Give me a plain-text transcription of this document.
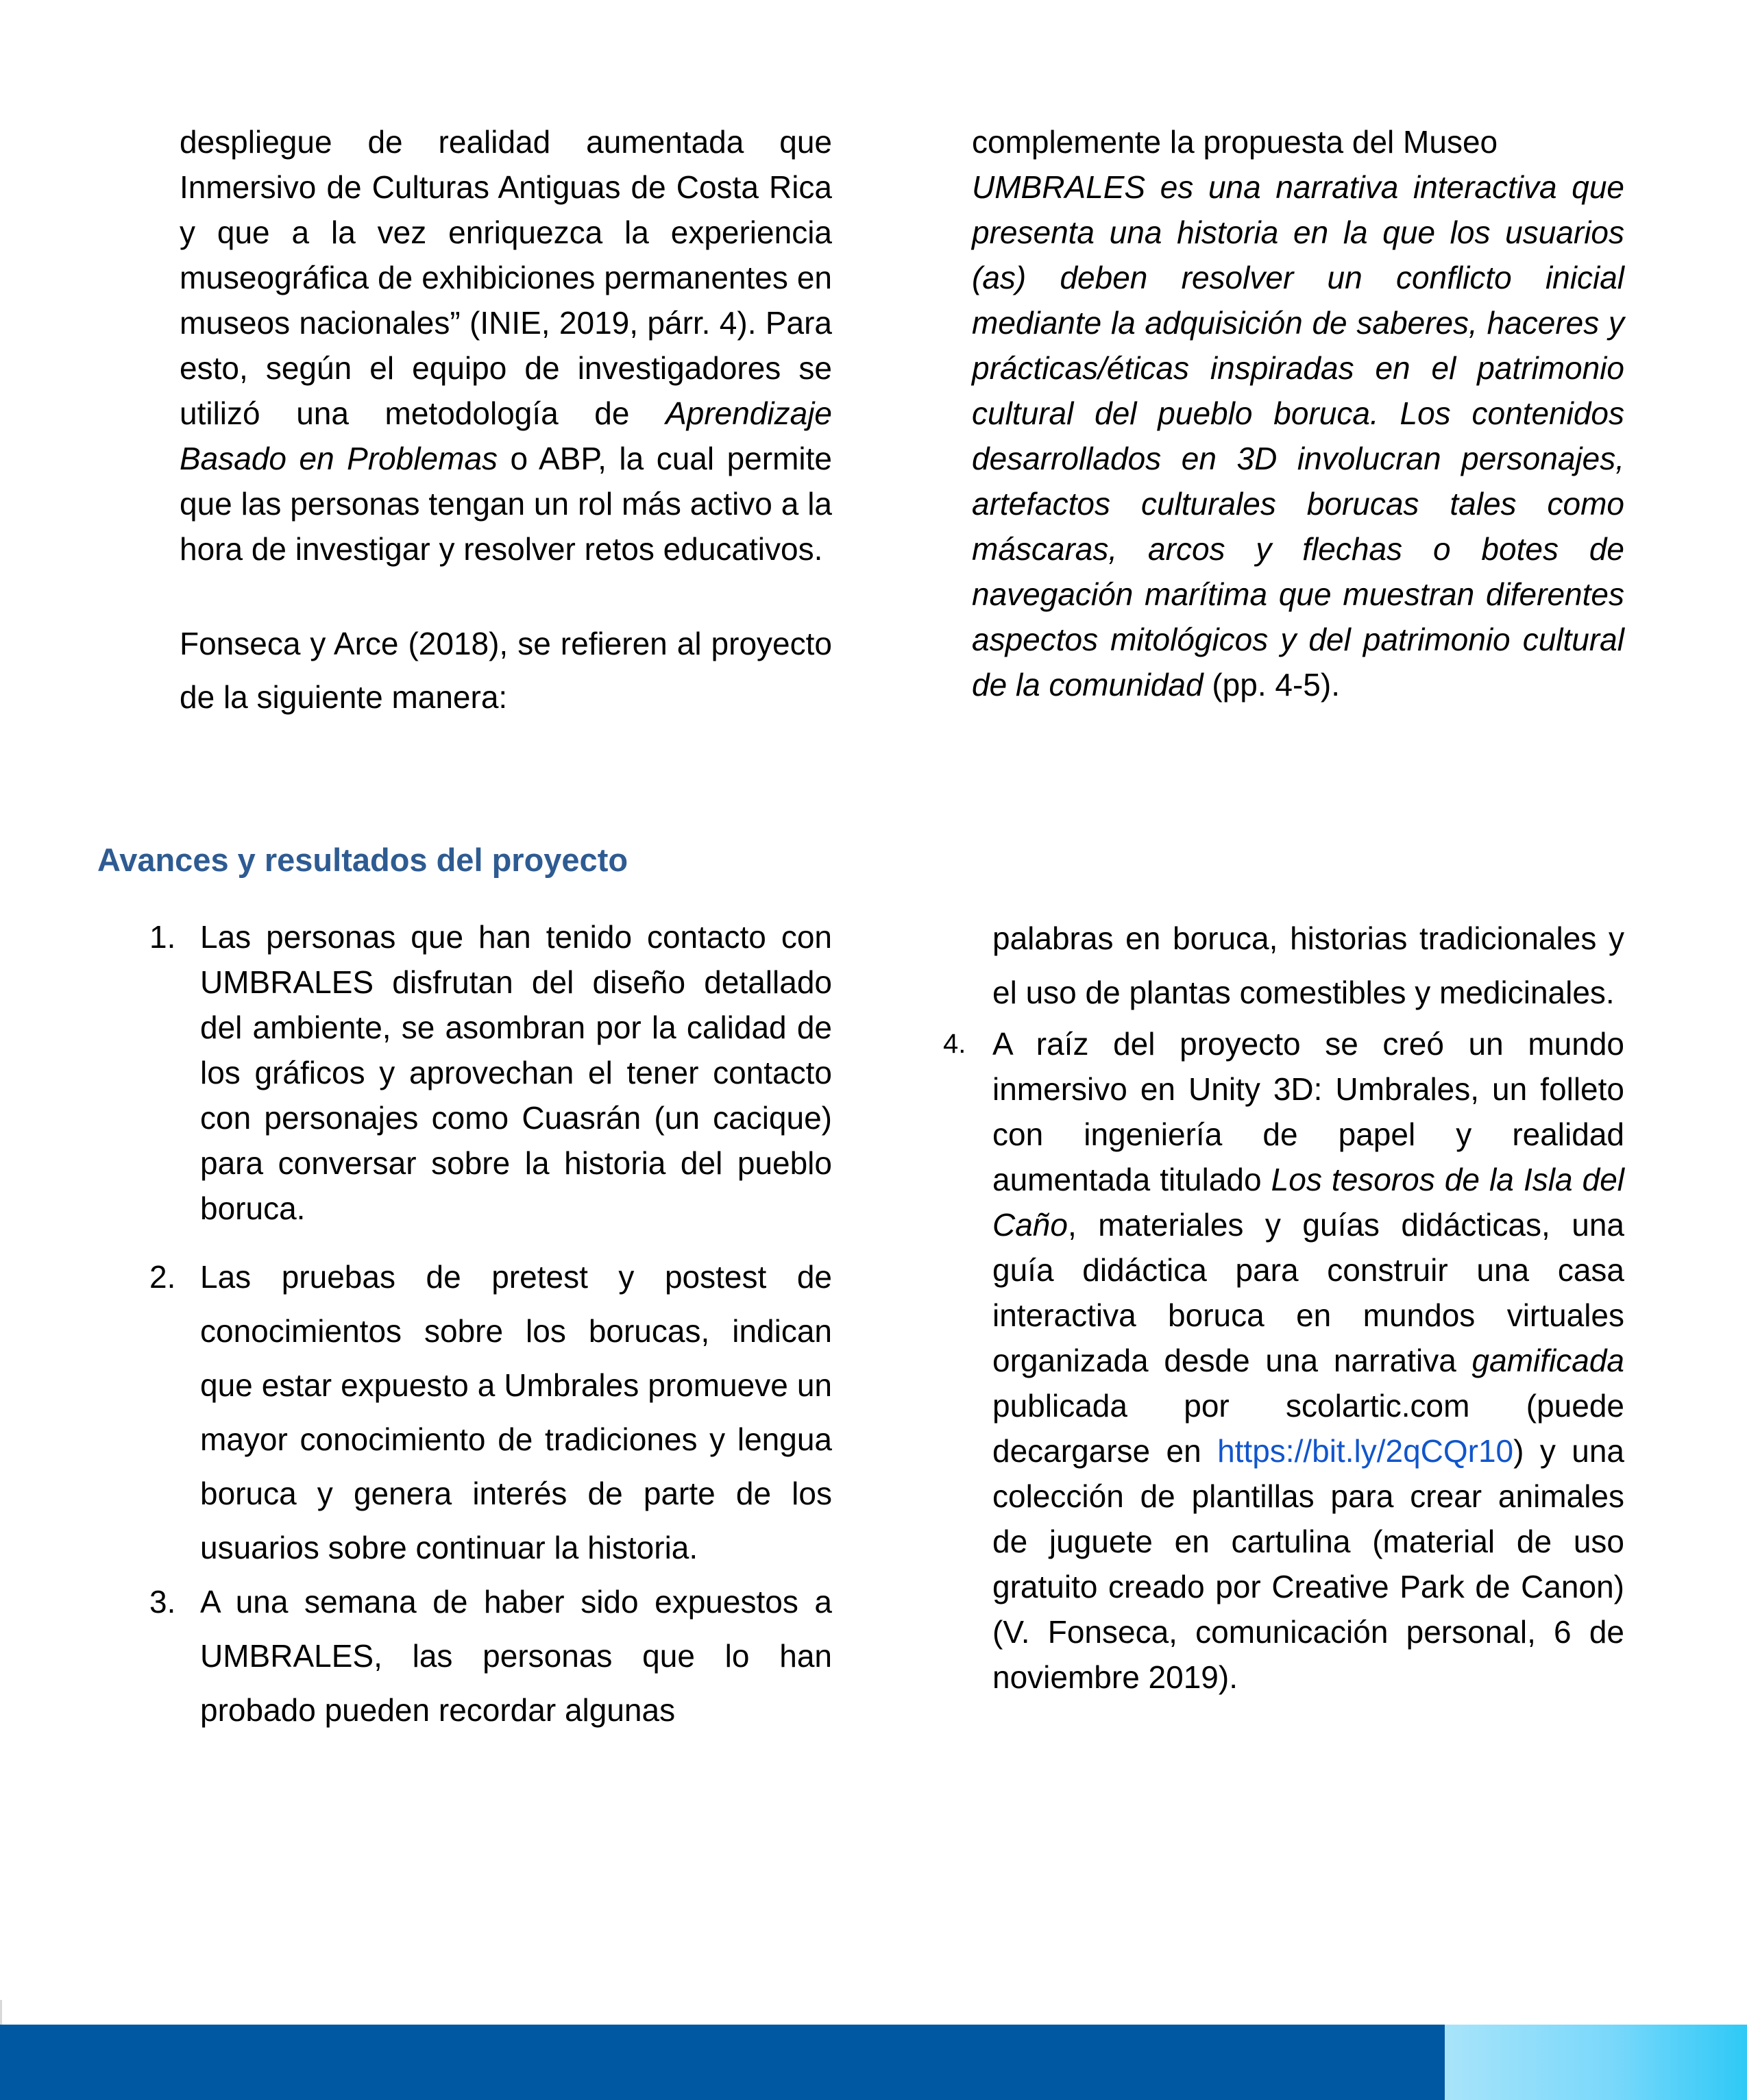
despliegue de realidad aumentada que Inmersivo de Culturas Antiguas de Costa Rica y que a la vez enriquezca la experiencia museográfica de exhibiciones permanentes en museos nacionales” (INIE, 2019, párr. 4). Para esto, según el equipo de investigadores se utilizó una metodología de Aprendizaje Basado en Problemas o ABP, la cual permite que las personas tengan un rol más activo a la hora de investigar y resolver retos educativos.

Fonseca y Arce (2018), se refieren al proyecto de la siguiente manera:

complemente la propuesta del Museo

UMBRALES es una narrativa interactiva que presenta una historia en la que los usuarios (as) deben resolver un conflicto inicial mediante la adquisición de saberes, haceres y prácticas/éticas inspiradas en el patrimonio cultural del pueblo boruca. Los contenidos desarrollados en 3D involucran personajes, artefactos culturales borucas tales como máscaras, arcos y flechas o botes de navegación marítima que muestran diferentes aspectos mitológicos y del patrimonio cultural de la comunidad (pp. 4-5).

Avances y resultados del proyecto
1. Las personas que han tenido contacto con UMBRALES disfrutan del diseño detallado del ambiente, se asombran por la calidad de los gráficos y aprovechan el tener contacto con personajes como Cuasrán (un cacique) para conversar sobre la historia del pueblo boruca.
2. Las pruebas de pretest y postest de conocimientos sobre los borucas, indican que estar expuesto a Umbrales promueve un mayor conocimiento de tradiciones y lengua boruca y genera interés de parte de los usuarios sobre continuar la historia.
3. A una semana de haber sido expuestos a UMBRALES, las personas que lo han probado pueden recordar algunas
palabras en boruca, historias tradicionales y el uso de plantas comestibles y medicinales.
4. A raíz del proyecto se creó un mundo inmersivo en Unity 3D: Umbrales, un folleto con ingeniería de papel y realidad aumentada titulado Los tesoros de la Isla del Caño, materiales y guías didácticas, una guía didáctica para construir una casa interactiva boruca en mundos virtuales organizada desde una narrativa gamificada publicada por scolartic.com (puede decargarse en https://bit.ly/2qCQr10) y una colección de plantillas para crear animales de juguete en cartulina (material de uso gratuito creado por Creative Park de Canon) (V. Fonseca, comunicación personal, 6 de noviembre 2019).
